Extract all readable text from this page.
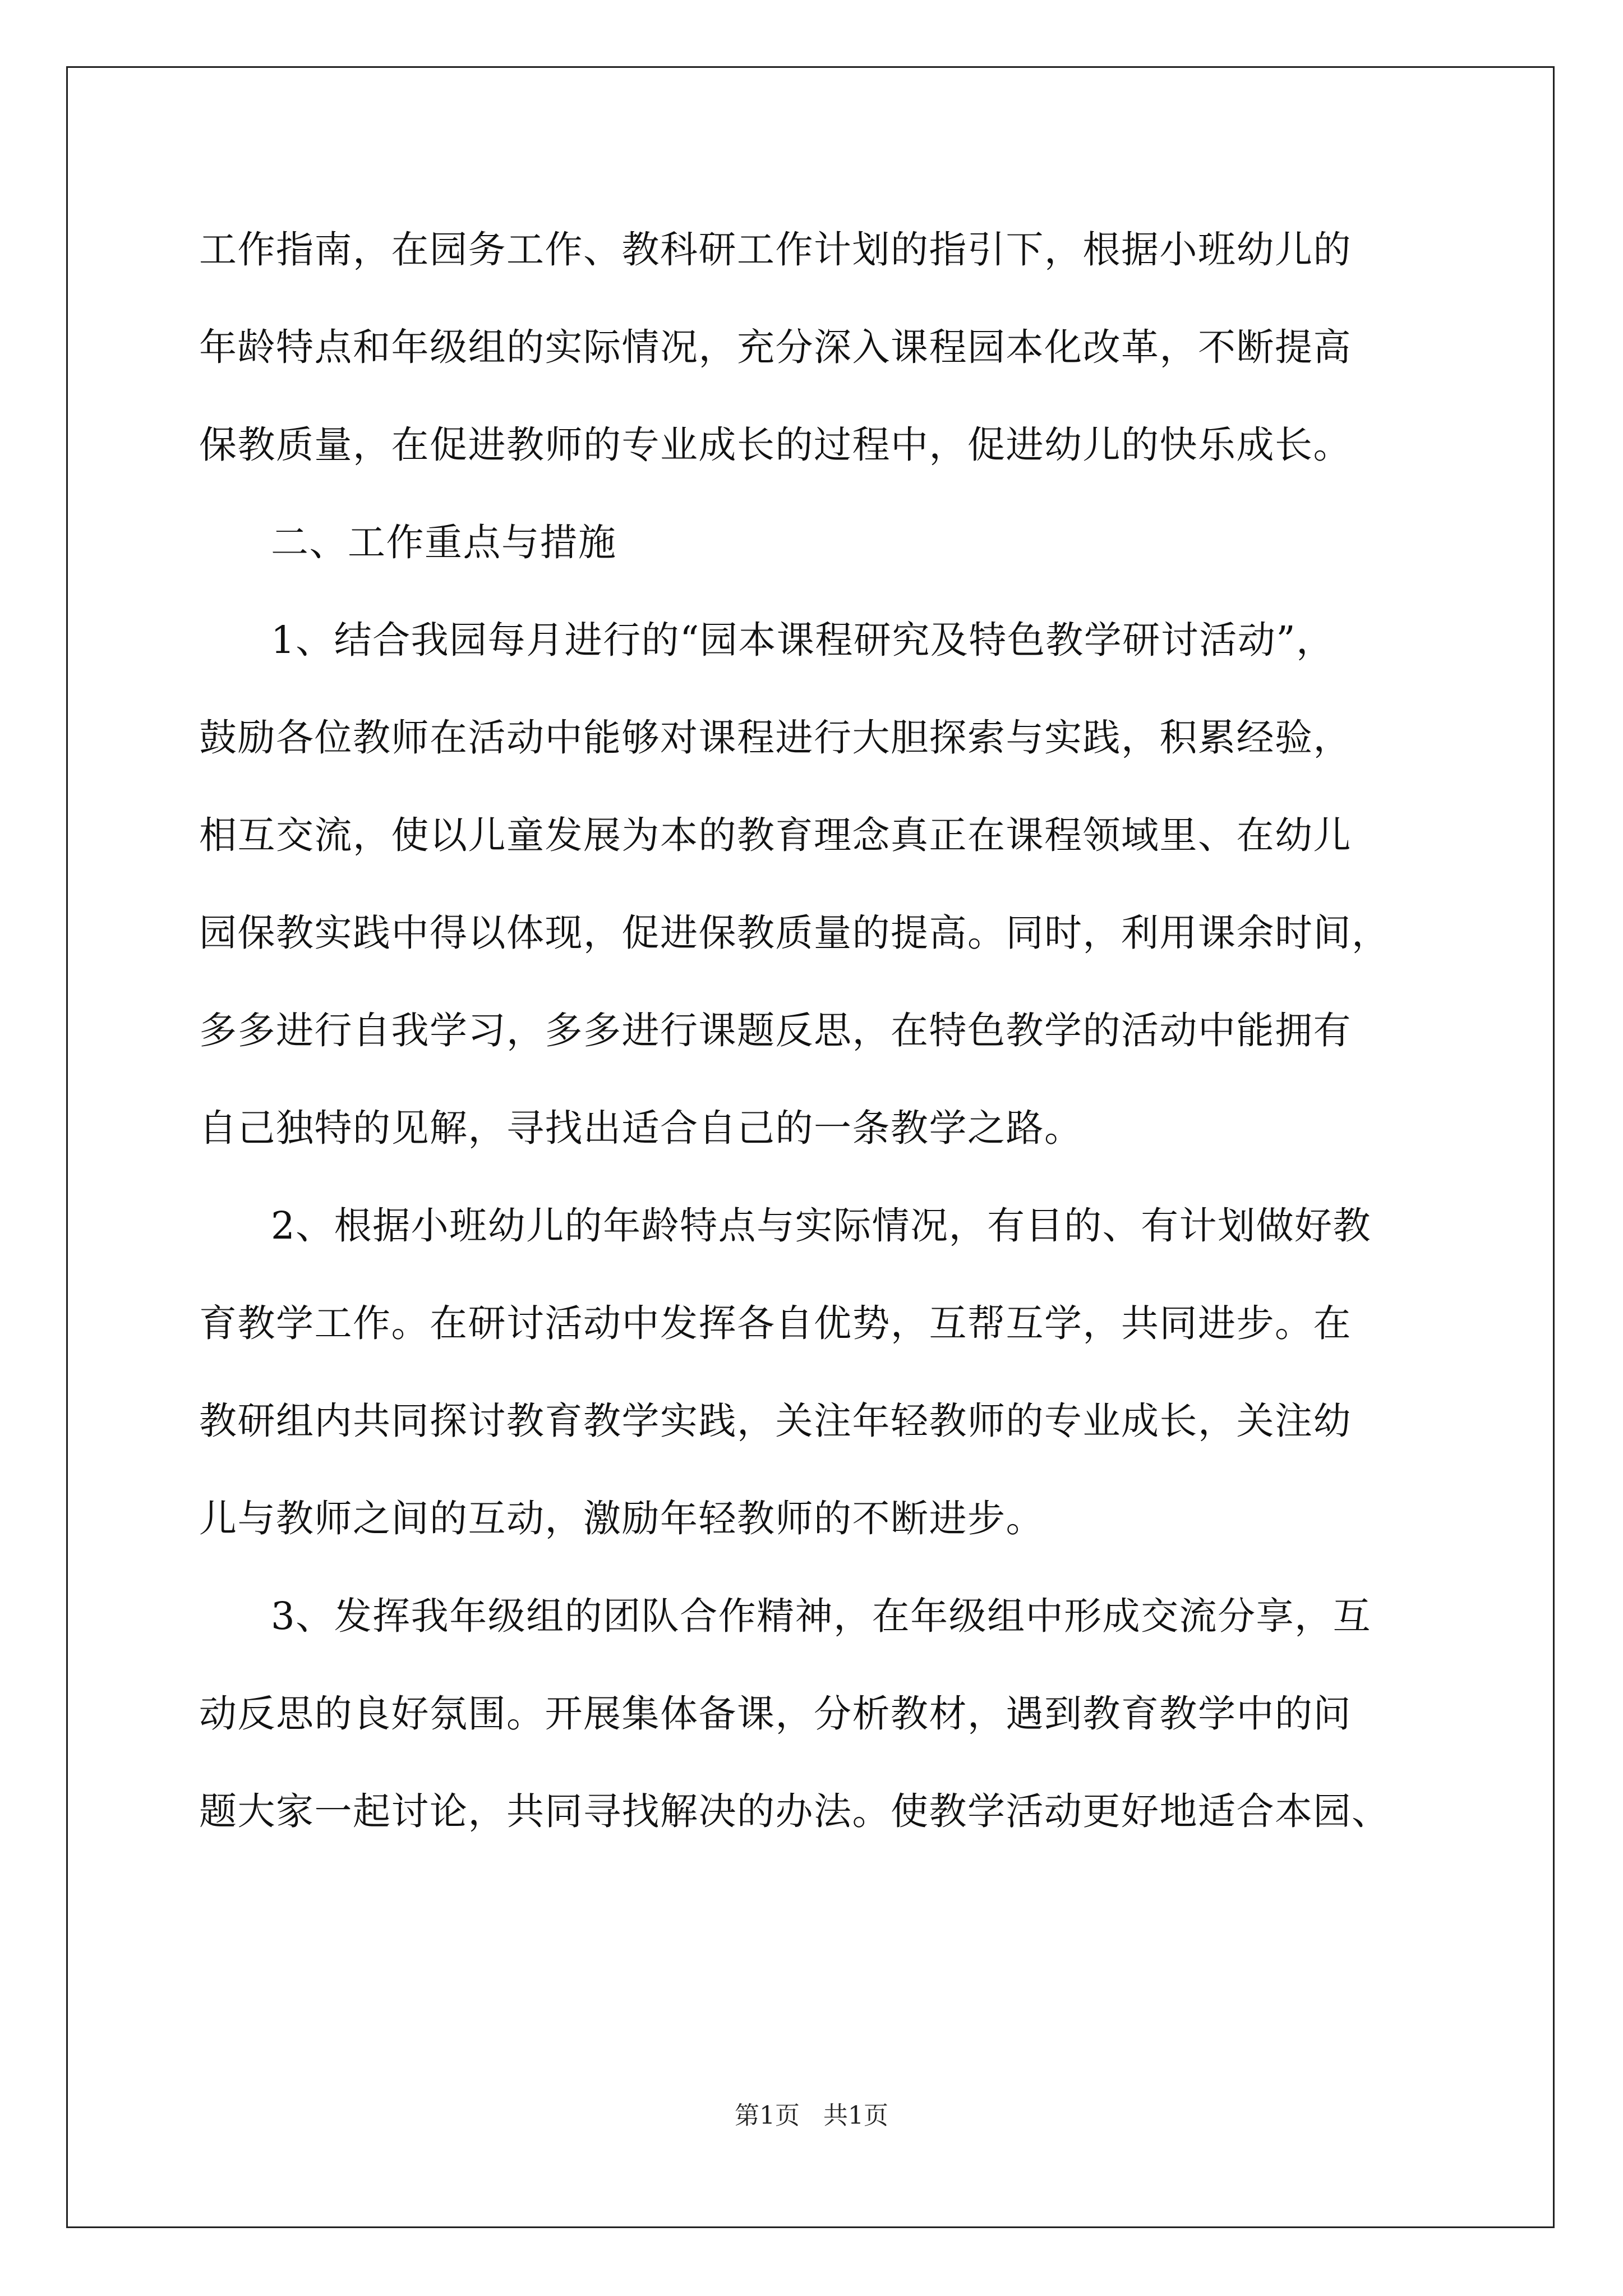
工作指南，在园务工作、教科研工作计划的指引下，根据小班幼儿的
年龄特点和年级组的实际情况，充分深入课程园本化改革，不断提高
保教质量，在促进教师的专业成长的过程中，促进幼儿的快乐成长。
二、工作重点与措施
1、结合我园每月进行的“园本课程研究及特色教学研讨活动”，
鼓励各位教师在活动中能够对课程进行大胆探索与实践，积累经验，
相互交流，使以儿童发展为本的教育理念真正在课程领域里、在幼儿
园保教实践中得以体现，促进保教质量的提高。同时，利用课余时间，
多多进行自我学习，多多进行课题反思，在特色教学的活动中能拥有
自己独特的见解，寻找出适合自己的一条教学之路。
2、根据小班幼儿的年龄特点与实际情况，有目的、有计划做好教
育教学工作。在研讨活动中发挥各自优势，互帮互学，共同进步。在
教研组内共同探讨教育教学实践，关注年轻教师的专业成长，关注幼
儿与教师之间的互动，激励年轻教师的不断进步。
3、发挥我年级组的团队合作精神，在年级组中形成交流分享，互
动反思的良好氛围。开展集体备课，分析教材，遇到教育教学中的问
题大家一起讨论，共同寻找解决的办法。使教学活动更好地适合本园、
第1页   共1页
